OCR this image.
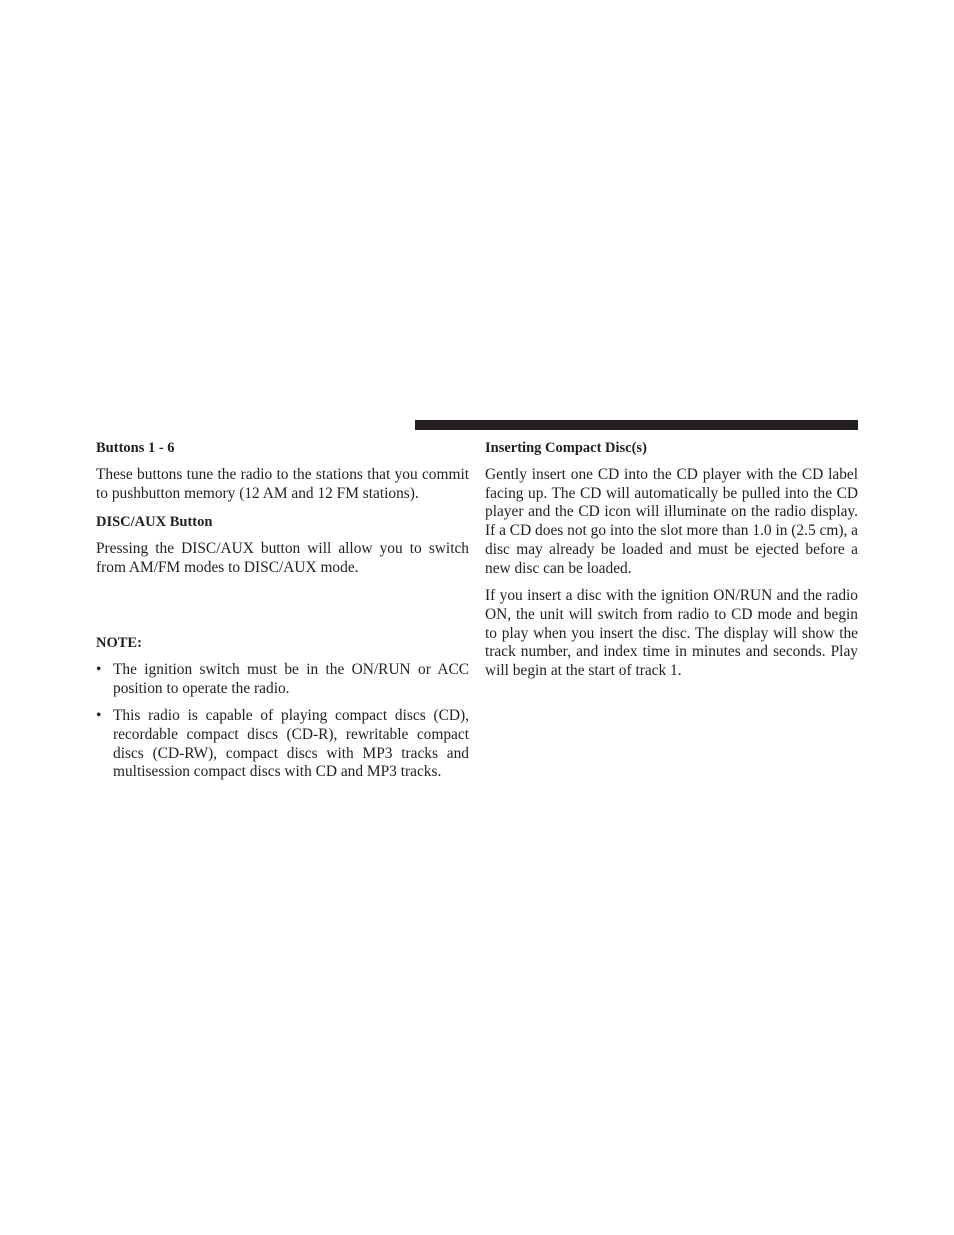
Buttons 1 - 6

These buttons tune the radio to the stations that you commit to pushbutton memory (12 AM and 12 FM stations).

DISC/AUX Button

Pressing the DISC/AUX button will allow you to switch from AM/FM modes to DISC/AUX mode.

NOTE:
• The ignition switch must be in the ON/RUN or ACC position to operate the radio.
• This radio is capable of playing compact discs (CD), recordable compact discs (CD-R), rewritable compact discs (CD-RW), compact discs with MP3 tracks and multisession compact discs with CD and MP3 tracks.
Inserting Compact Disc(s)

Gently insert one CD into the CD player with the CD label facing up. The CD will automatically be pulled into the CD player and the CD icon will illuminate on the radio display. If a CD does not go into the slot more than 1.0 in (2.5 cm), a disc may already be loaded and must be ejected before a new disc can be loaded.

If you insert a disc with the ignition ON/RUN and the radio ON, the unit will switch from radio to CD mode and begin to play when you insert the disc. The display will show the track number, and index time in minutes and seconds. Play will begin at the start of track 1.
